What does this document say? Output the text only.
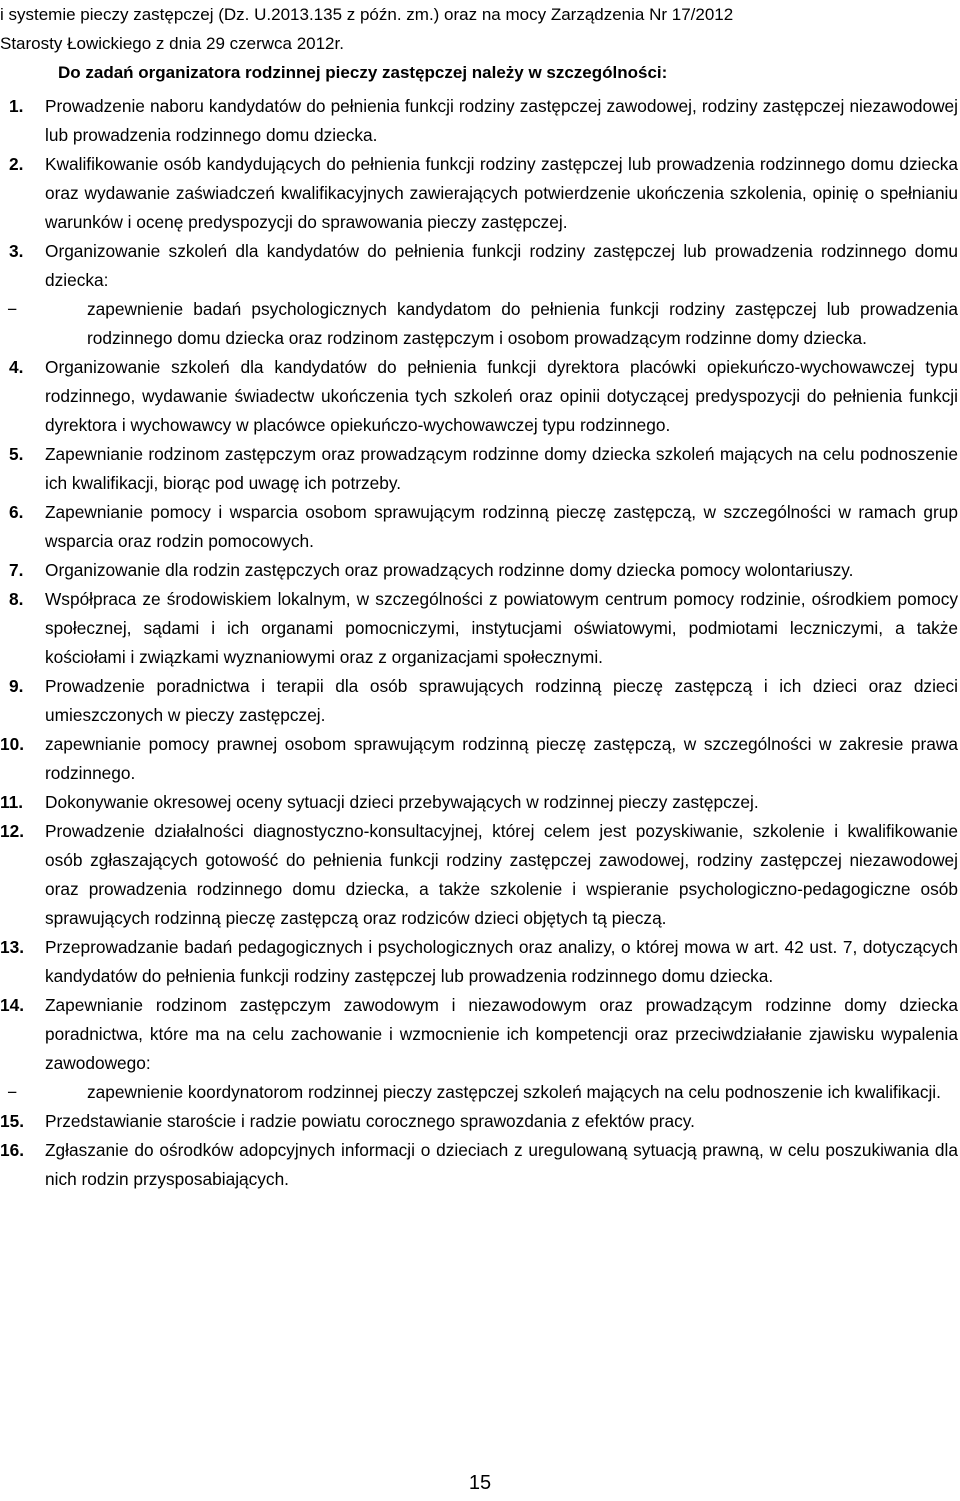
i systemie pieczy zastępczej (Dz. U.2013.135 z późn. zm.) oraz na mocy Zarządzenia Nr 17/2012
Starosty Łowickiego z dnia 29 czerwca 2012r.
Do zadań organizatora rodzinnej pieczy zastępczej należy w szczególności:
1.	Prowadzenie naboru kandydatów do pełnienia funkcji rodziny zastępczej zawodowej, rodziny zastępczej niezawodowej lub prowadzenia rodzinnego domu dziecka.
2.	Kwalifikowanie osób kandydujących do pełnienia funkcji rodziny zastępczej lub prowadzenia rodzinnego domu dziecka oraz wydawanie zaświadczeń kwalifikacyjnych zawierających potwierdzenie ukończenia szkolenia, opinię o spełnianiu warunków i ocenę predyspozycji do sprawowania pieczy zastępczej.
3.	Organizowanie szkoleń dla kandydatów do pełnienia funkcji rodziny zastępczej lub prowadzenia rodzinnego domu dziecka:
−	zapewnienie badań psychologicznych kandydatom do pełnienia funkcji rodziny zastępczej lub prowadzenia rodzinnego domu dziecka oraz rodzinom zastępczym i osobom prowadzącym rodzinne domy dziecka.
4.	Organizowanie szkoleń dla kandydatów do pełnienia funkcji dyrektora placówki opiekuńczo-wychowawczej typu rodzinnego, wydawanie świadectw ukończenia tych szkoleń oraz opinii dotyczącej predyspozycji do pełnienia funkcji dyrektora i wychowawcy w placówce opiekuńczo-wychowawczej typu rodzinnego.
5.	Zapewnianie rodzinom zastępczym oraz prowadzącym rodzinne domy dziecka szkoleń mających na celu podnoszenie ich kwalifikacji, biorąc pod uwagę ich potrzeby.
6.	Zapewnianie pomocy i wsparcia osobom sprawującym rodzinną pieczę zastępczą, w szczególności w ramach grup wsparcia oraz rodzin pomocowych.
7.	Organizowanie dla rodzin zastępczych oraz prowadzących rodzinne domy dziecka pomocy wolontariuszy.
8.	Współpraca ze środowiskiem lokalnym, w szczególności z powiatowym centrum pomocy rodzinie, ośrodkiem pomocy społecznej, sądami i ich organami pomocniczymi, instytucjami oświatowymi, podmiotami leczniczymi, a także kościołami i związkami wyznaniowymi oraz z organizacjami społecznymi.
9.	Prowadzenie poradnictwa i terapii dla osób sprawujących rodzinną pieczę zastępczą i ich dzieci oraz dzieci umieszczonych w pieczy zastępczej.
10.	zapewnianie pomocy prawnej osobom sprawującym rodzinną pieczę zastępczą, w szczególności w zakresie prawa rodzinnego.
11.	Dokonywanie okresowej oceny sytuacji dzieci przebywających w rodzinnej pieczy zastępczej.
12.	Prowadzenie działalności diagnostyczno-konsultacyjnej, której celem jest pozyskiwanie, szkolenie i kwalifikowanie osób zgłaszających gotowość do pełnienia funkcji rodziny zastępczej zawodowej, rodziny zastępczej niezawodowej oraz prowadzenia rodzinnego domu dziecka, a także szkolenie i wspieranie psychologiczno-pedagogiczne osób sprawujących rodzinną pieczę zastępczą oraz rodziców dzieci objętych tą pieczą.
13.	Przeprowadzanie badań pedagogicznych i psychologicznych oraz analizy, o której mowa w art. 42 ust. 7, dotyczących kandydatów do pełnienia funkcji rodziny zastępczej lub prowadzenia rodzinnego domu dziecka.
14.	Zapewnianie rodzinom zastępczym zawodowym i niezawodowym oraz prowadzącym rodzinne domy dziecka poradnictwa, które ma na celu zachowanie i wzmocnienie ich kompetencji oraz przeciwdziałanie zjawisku wypalenia zawodowego:
−	zapewnienie koordynatorom rodzinnej pieczy zastępczej szkoleń mających na celu podnoszenie ich kwalifikacji.
15.	Przedstawianie staroście i radzie powiatu corocznego sprawozdania z efektów pracy.
16.	Zgłaszanie do ośrodków adopcyjnych informacji o dzieciach z uregulowaną sytuacją prawną, w celu poszukiwania dla nich rodzin przysposabiających.
15
